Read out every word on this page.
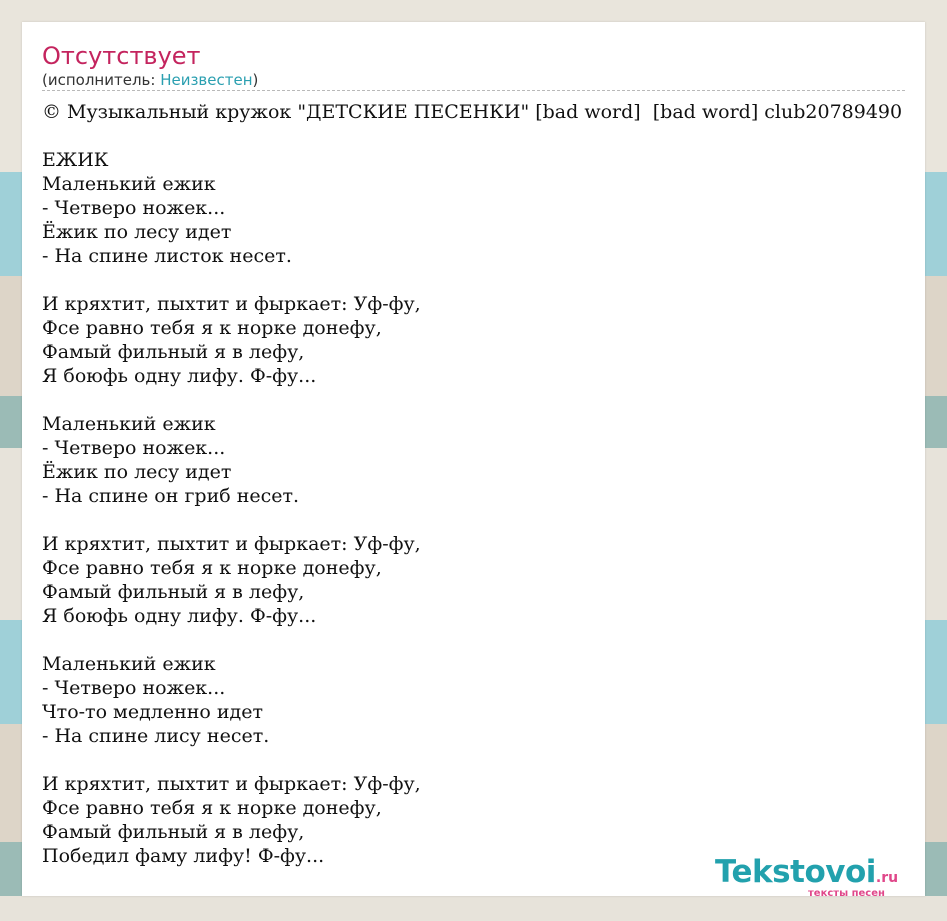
Отсутствует
(исполнитель: Неизвестен)
© Музыкальный кружок "ДЕТСКИЕ ПЕСЕНКИ" [bad word]  [bad word] club20789490

ЕЖИК
Маленький ежик
- Четверо ножек...
Ёжик по лесу идет
- На спине листок несет.

И кряхтит, пыхтит и фыркает: Уф-фу,
Фсе равно тебя я к норке донефу,
Фамый фильный я в лефу,
Я боюфь одну лифу. Ф-фу...

Маленький ежик
- Четверо ножек...
Ёжик по лесу идет
- На спине он гриб несет.

И кряхтит, пыхтит и фыркает: Уф-фу,
Фсе равно тебя я к норке донефу,
Фамый фильный я в лефу,
Я боюфь одну лифу. Ф-фу...

Маленький ежик
- Четверо ножек...
Что-то медленно идет
- На спине лису несет.

И кряхтит, пыхтит и фыркает: Уф-фу,
Фсе равно тебя я к норке донефу,
Фамый фильный я в лефу,
Победил фаму лифу! Ф-фу...	Tekstovoi.ru
тексты песен
